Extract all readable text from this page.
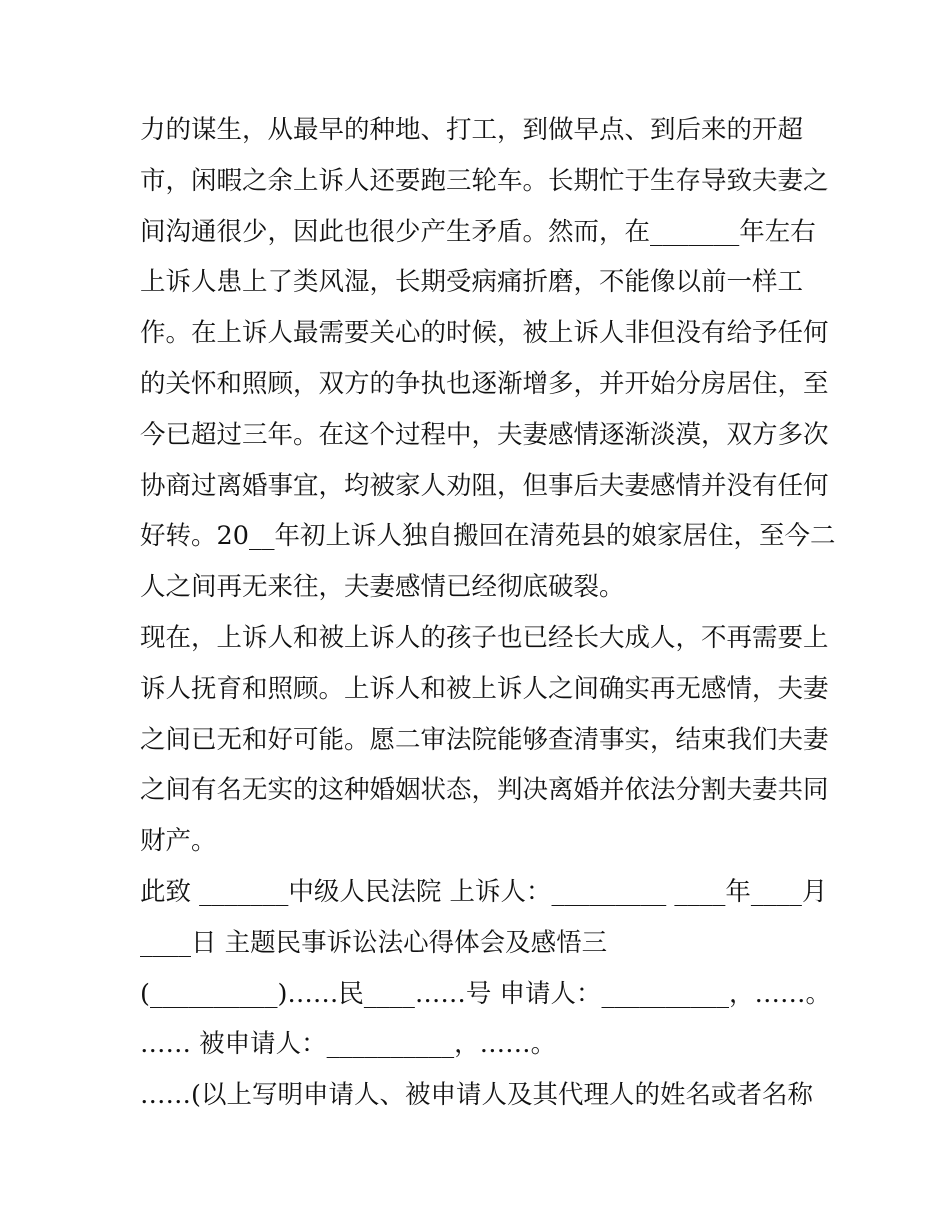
力的谋生，从最早的种地、打工，到做早点、到后来的开超
市，闲暇之余上诉人还要跑三轮车。长期忙于生存导致夫妻之
间沟通很少，因此也很少产生矛盾。然而，在_______年左右
上诉人患上了类风湿，长期受病痛折磨，不能像以前一样工
作。在上诉人最需要关心的时候，被上诉人非但没有给予任何
的关怀和照顾，双方的争执也逐渐增多，并开始分房居住，至
今已超过三年。在这个过程中，夫妻感情逐渐淡漠，双方多次
协商过离婚事宜，均被家人劝阻，但事后夫妻感情并没有任何
好转。20__年初上诉人独自搬回在清苑县的娘家居住，至今二
人之间再无来往，夫妻感情已经彻底破裂。
现在，上诉人和被上诉人的孩子也已经长大成人，不再需要上
诉人抚育和照顾。上诉人和被上诉人之间确实再无感情，夫妻
之间已无和好可能。愿二审法院能够查清事实，结束我们夫妻
之间有名无实的这种婚姻状态，判决离婚并依法分割夫妻共同
财产。
此致 _______中级人民法院 上诉人：_________ ____年____月
____日 主题民事诉讼法心得体会及感悟三
(__________)……民____……号 申请人：__________，……。
…… 被申请人：__________，……。
……(以上写明申请人、被申请人及其代理人的姓名或者名称
